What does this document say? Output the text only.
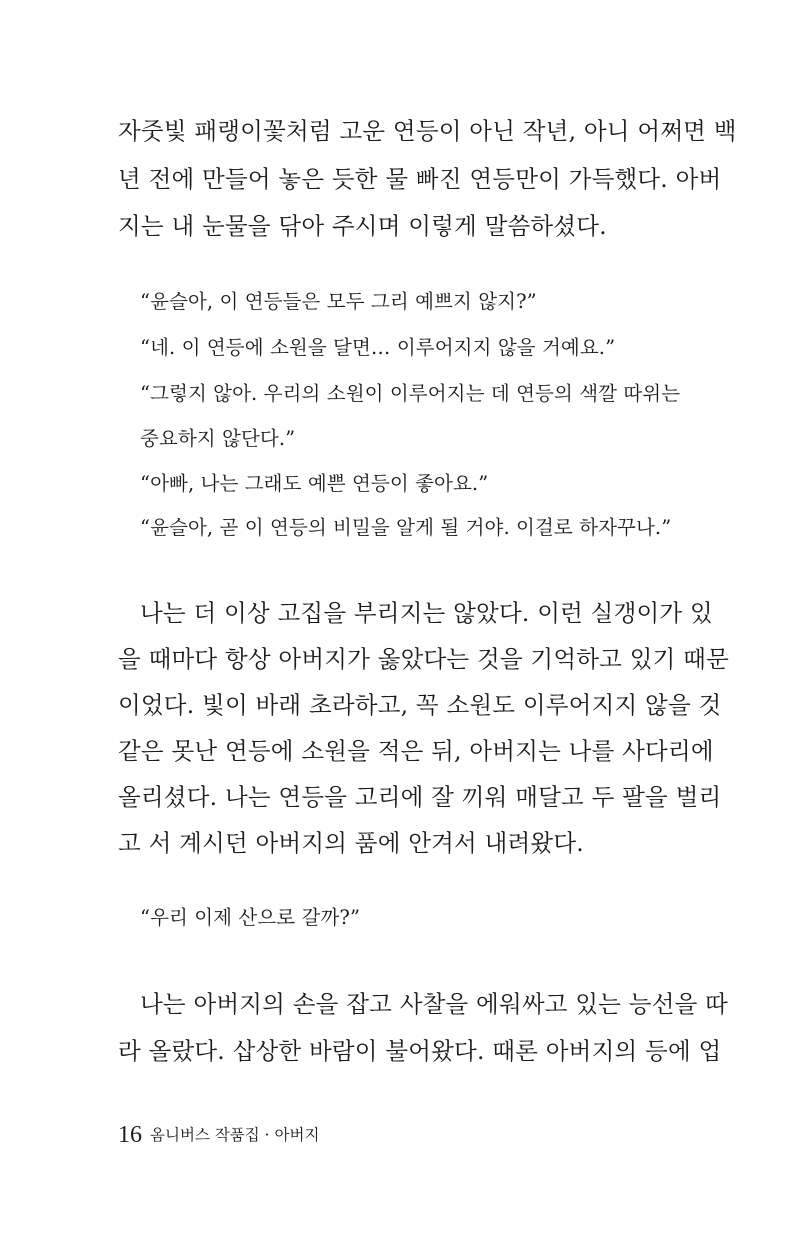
자줏빛 패랭이꽃처럼 고운 연등이 아닌 작년, 아니 어쩌면 백

년 전에 만들어 놓은 듯한 물 빠진 연등만이 가득했다. 아버

지는 내 눈물을 닦아 주시며 이렇게 말씀하셨다.

“윤슬아, 이 연등들은 모두 그리 예쁘지 않지?”

“네. 이 연등에 소원을 달면… 이루어지지 않을 거예요.”

“그렇지 않아. 우리의 소원이 이루어지는 데 연등의 색깔 따위는

중요하지 않단다.”

“아빠, 나는 그래도 예쁜 연등이 좋아요.”

“윤슬아, 곧 이 연등의 비밀을 알게 될 거야. 이걸로 하자꾸나.”

나는 더 이상 고집을 부리지는 않았다. 이런 실갱이가 있

을 때마다 항상 아버지가 옳았다는 것을 기억하고 있기 때문

이었다. 빛이 바래 초라하고, 꼭 소원도 이루어지지 않을 것

같은 못난 연등에 소원을 적은 뒤, 아버지는 나를 사다리에

올리셨다. 나는 연등을 고리에 잘 끼워 매달고 두 팔을 벌리

고 서 계시던 아버지의 품에 안겨서 내려왔다.

“우리 이제 산으로 갈까?”

나는 아버지의 손을 잡고 사찰을 에워싸고 있는 능선을 따

라 올랐다. 삽상한 바람이 불어왔다. 때론 아버지의 등에 업

16 옴니버스 작품집 · 아버지
